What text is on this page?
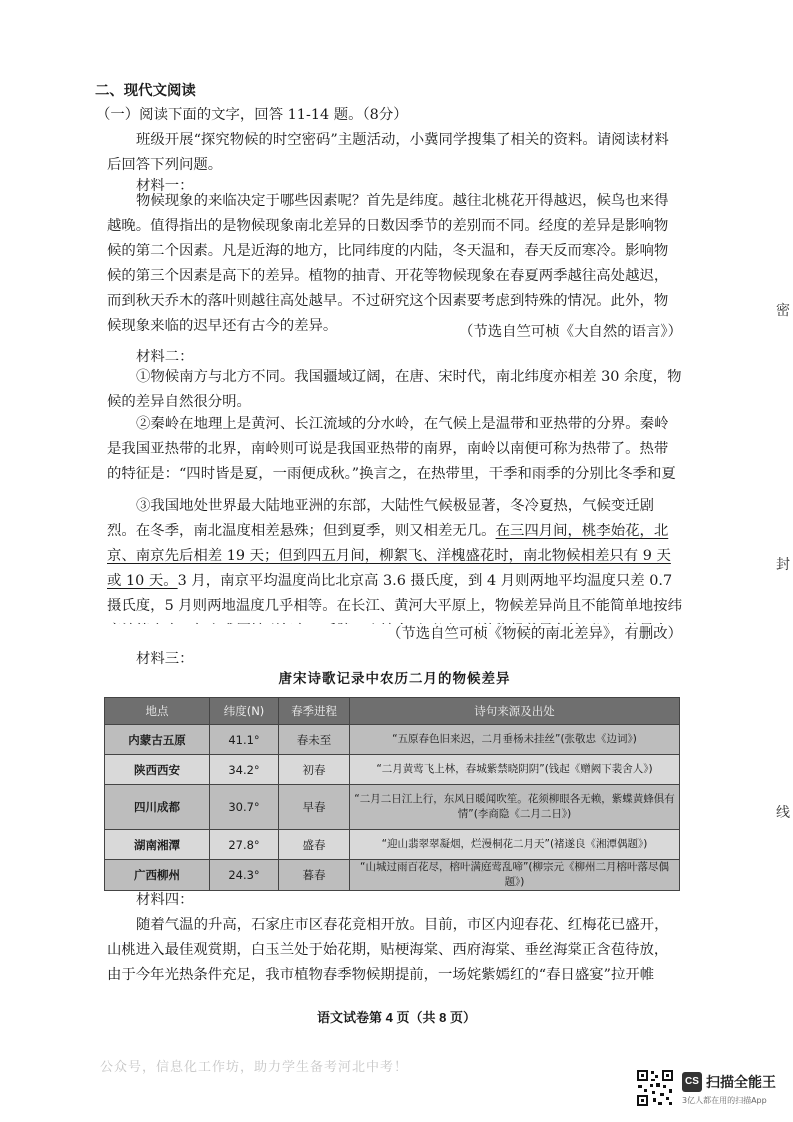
二、现代文阅读
（一）阅读下面的文字，回答 11-14 题。（8分）
班级开展“探究物候的时空密码”主题活动，小冀同学搜集了相关的资料。请阅读材料后回答下列问题。
材料一：
物候现象的来临决定于哪些因素呢？首先是纬度。越往北桃花开得越迟，候鸟也来得越晚。值得指出的是物候现象南北差异的日数因季节的差别而不同。经度的差异是影响物候的第二个因素。凡是近海的地方，比同纬度的内陆，冬天温和，春天反而寒冷。影响物候的第三个因素是高下的差异。植物的抽青、开花等物候现象在春夏两季越往高处越迟，而到秋天乔木的落叶则越往高处越早。不过研究这个因素要考虑到特殊的情况。此外，物候现象来临的迟早还有古今的差异。	（节选自竺可桢《大自然的语言》）
材料二：
①物候南方与北方不同。我国疆域辽阔，在唐、宋时代，南北纬度亦相差 30 余度，物候的差异自然很分明。
②秦岭在地理上是黄河、长江流域的分水岭，在气候上是温带和亚热带的分界。秦岭是我国亚热带的北界，南岭则可说是我国亚热带的南界，南岭以南便可称为热带了。热带的特征是：“四时皆是夏，一雨便成秋。”换言之，在热带里，干季和雨季的分别比冬季和夏
③我国地处世界最大陆地亚洲的东部，大陆性气候极显著，冬冷夏热，气候变迁剧烈。在冬季，南北温度相差悬殊；但到夏季，则又相差无几。在三四月间，桃李始花，北京、南京先后相差 19 天；但到四五月间，柳絮飞、洋槐盛花时，南北物候相差只有 9 天或 10 天。3 月，南京平均温度尚比北京高 3.6 摄氏度，到 4 月则两地平均温度只差 0.7 摄氏度，5 月则两地温度几乎相等。在长江、黄河大平原上，物候差异尚且不能简单地按纬
（节选自竺可桢《物候的南北差异》，有删改）
材料三：
唐宋诗歌记录中农历二月的物候差异
地点	纬度(N)	春季进程	诗句来源及出处
内蒙古五原	41.1°	春未至	“五原春色旧来迟，二月垂杨未挂丝”(张敬忠《边词》)
陕西西安	34.2°	初春	“二月黄莺飞上林，春城紫禁晓阴阴”(钱起《赠阙下裴舍人》)
四川成都	30.7°	早春	“二月二日江上行，东风日暖闻吹笙。花须柳眼各无赖，紫蝶黄蜂俱有情”(李商隐《二月二日》)
湖南湘潭	27.8°	盛春	“迎山翡翠翠凝烟，烂漫桐花二月天”(褚遂良《湘潭偶题》)
广西柳州	24.3°	暮春	“山城过雨百花尽，榕叶满庭莺乱啼”(柳宗元《柳州二月榕叶落尽偶题》)
材料四：
随着气温的升高，石家庄市区春花竞相开放。目前，市区内迎春花、红梅花已盛开，山桃进入最佳观赏期，白玉兰处于始花期，贴梗海棠、西府海棠、垂丝海棠正含苞待放，由于今年光热条件充足，我市植物春季物候期提前，一场姹紫嫣红的“春日盛宴”拉开帷
语文试卷第 4 页（共 8 页）
密
封
线
公众号，信息化工作坊，助力学生备考河北中考！
CS 扫描全能王
3亿人都在用的扫描App
